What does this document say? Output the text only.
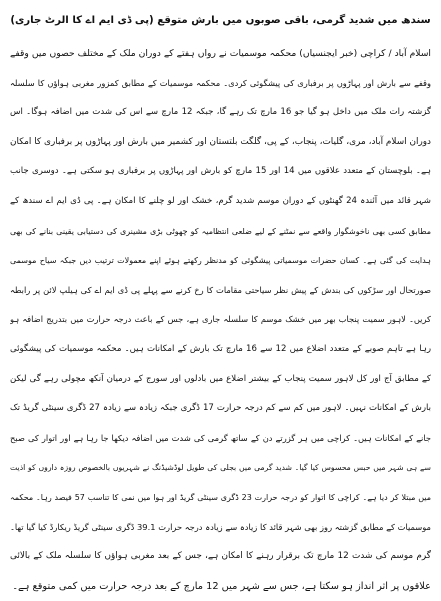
سندھ میں شدید گرمی، باقی صوبوں میں بارش متوقع (پی ڈی ایم اے کا الرٹ جاری)
اسلام آباد / کراچی (خبر ایجنسیاں) محکمہ موسمیات نے رواں ہفتے کے دوران ملک کے مختلف حصوں میں وقفے
وقفے سے بارش اور پہاڑوں پر برفباری کی پیشگوئی کردی۔ محکمہ موسمیات کے مطابق کمزور مغربی ہواؤں کا سلسلہ
گزشتہ رات ملک میں داخل ہو گیا جو 16 مارچ تک رہے گا، جبکہ 12 مارچ سے اس کی شدت میں اضافہ ہوگا۔ اس
دوران اسلام آباد، مری، گلیات، پنجاب، کے پی، گلگت بلتستان اور کشمیر میں بارش اور پہاڑوں پر برفباری کا امکان
ہے۔ بلوچستان کے متعدد علاقوں میں 14 اور 15 مارچ کو بارش اور پہاڑوں پر برفباری ہو سکتی ہے۔ دوسری جانب
شہر قائد میں آئندہ 24 گھنٹوں کے دوران موسم شدید گرم، خشک اور لو چلنے کا امکان ہے۔ پی ڈی ایم اے سندھ کے
مطابق کسی بھی ناخوشگوار واقعے سے نمٹنے کے لیے ضلعی انتظامیہ کو چھوٹی بڑی مشینری کی دستیابی یقینی بنانے کی بھی
ہدایت کی گئی ہے۔ کسان حضرات موسمیاتی پیشگوئی کو مدنظر رکھتے ہوئے اپنے معمولات ترتیب دیں جبکہ سیاح موسمی
صورتحال اور سڑکوں کی بندش کے پیش نظر سیاحتی مقامات کا رخ کرنے سے پہلے پی ڈی ایم اے کی ہیلپ لائن پر رابطہ
کریں۔ لاہور سمیت پنجاب بھر میں خشک موسم کا سلسلہ جاری ہے، جس کے باعث درجہ حرارت میں بتدریج اضافہ ہو
رہا ہے تاہم صوبے کے متعدد اضلاع میں 12 سے 16 مارچ تک بارش کے امکانات ہیں۔ محکمہ موسمیات کی پیشگوئی
کے مطابق آج اور کل لاہور سمیت پنجاب کے بیشتر اضلاع میں بادلوں اور سورج کے درمیان آنکھ مچولی رہے گی لیکن
بارش کے امکانات نہیں۔ لاہور میں کم سے کم درجہ حرارت 17 ڈگری جبکہ زیادہ سے زیادہ 27 ڈگری سینٹی گریڈ تک
جانے کے امکانات ہیں۔ کراچی میں ہر گزرتے دن کے ساتھ گرمی کی شدت میں اضافہ دیکھا جا رہا ہے اور اتوار کی صبح
سے ہی شہر میں حبس محسوس کیا گیا۔ شدید گرمی میں بجلی کی طویل لوڈشیڈنگ نے شہریوں بالخصوص روزہ داروں کو اذیت
میں مبتلا کر دیا ہے۔ کراچی کا اتوار کو درجہ حرارت 23 ڈگری سینٹی گریڈ اور ہوا میں نمی کا تناسب 57 فیصد رہا۔ محکمہ
موسمیات کے مطابق گزشتہ روز بھی شہر قائد کا زیادہ سے زیادہ درجہ حرارت 39.1 ڈگری سینٹی گریڈ ریکارڈ کیا گیا تھا۔
گرم موسم کی شدت 12 مارچ تک برقرار رہنے کا امکان ہے، جس کے بعد مغربی ہواؤں کا سلسلہ ملک کے بالائی
علاقوں پر اثر انداز ہو سکتا ہے، جس سے شہر میں 12 مارچ کے بعد درجہ حرارت میں کمی متوقع ہے۔
